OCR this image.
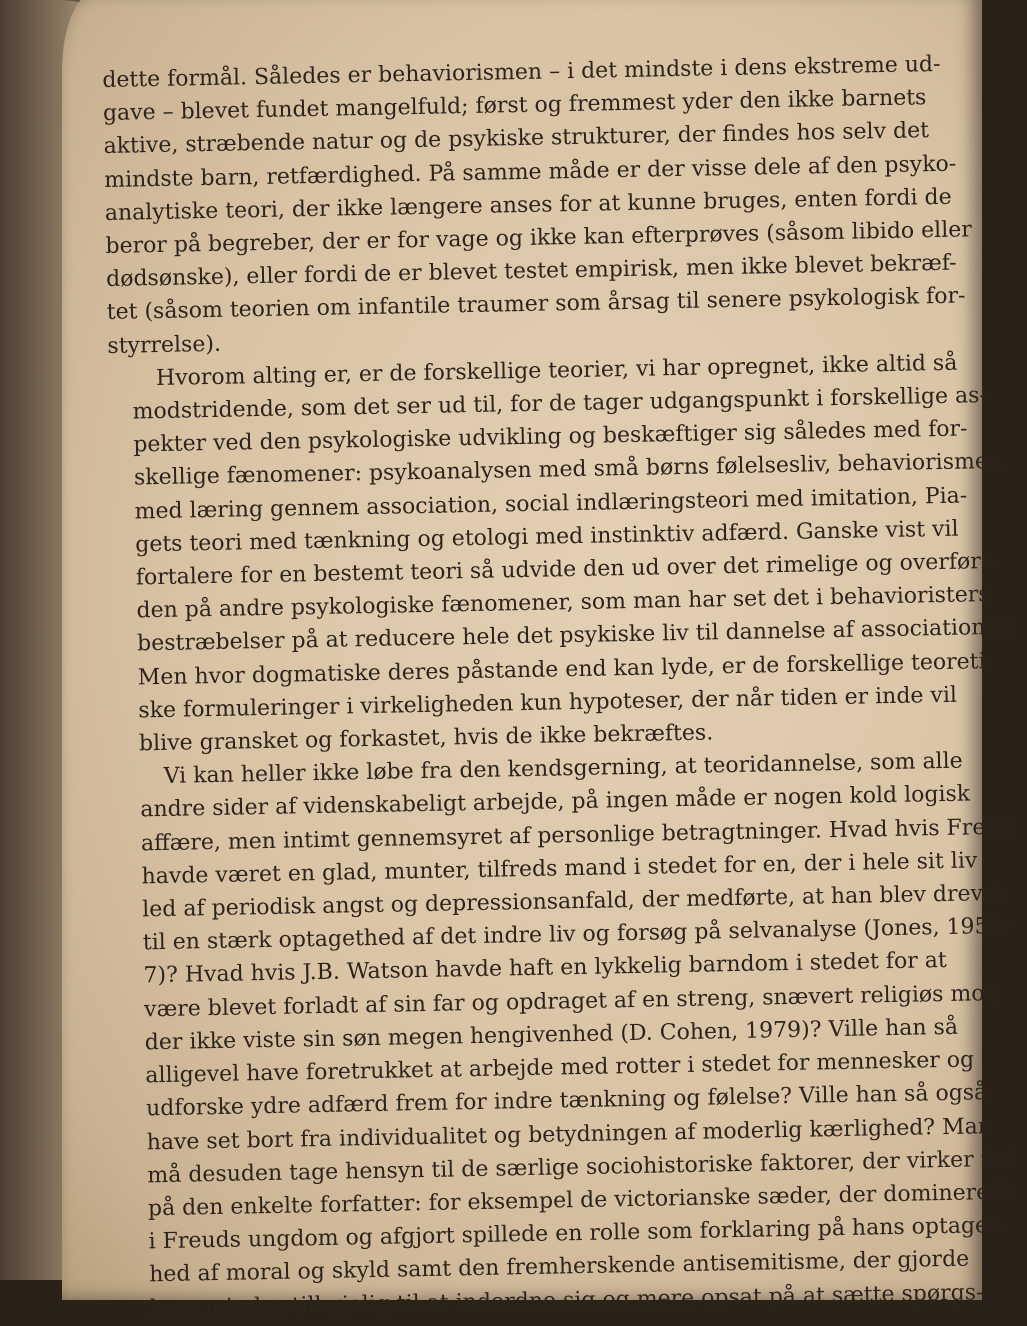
dette formål. Således er behaviorismen – i det mindste i dens ekstreme ud-
gave – blevet fundet mangelfuld; først og fremmest yder den ikke barnets
aktive, stræbende natur og de psykiske strukturer, der findes hos selv det
mindste barn, retfærdighed. På samme måde er der visse dele af den psyko-
analytiske teori, der ikke længere anses for at kunne bruges, enten fordi de
beror på begreber, der er for vage og ikke kan efterprøves (såsom libido eller
dødsønske), eller fordi de er blevet testet empirisk, men ikke blevet bekræf-
tet (såsom teorien om infantile traumer som årsag til senere psykologisk for-
styrrelse).
Hvorom alting er, er de forskellige teorier, vi har opregnet, ikke altid så
modstridende, som det ser ud til, for de tager udgangspunkt i forskellige as-
pekter ved den psykologiske udvikling og beskæftiger sig således med for-
skellige fænomener: psykoanalysen med små børns følelsesliv, behaviorismen
med læring gennem association, social indlæringsteori med imitation, Pia-
gets teori med tænkning og etologi med instinktiv adfærd. Ganske vist vil
fortalere for en bestemt teori så udvide den ud over det rimelige og overføre
den på andre psykologiske fænomener, som man har set det i behavioristers
bestræbelser på at reducere hele det psykiske liv til dannelse af associationer.
Men hvor dogmatiske deres påstande end kan lyde, er de forskellige teoreti-
ske formuleringer i virkeligheden kun hypoteser, der når tiden er inde vil
blive gransket og forkastet, hvis de ikke bekræftes.
Vi kan heller ikke løbe fra den kendsgerning, at teoridannelse, som alle
andre sider af videnskabeligt arbejde, på ingen måde er nogen kold logisk
affære, men intimt gennemsyret af personlige betragtninger. Hvad hvis Freud
havde været en glad, munter, tilfreds mand i stedet for en, der i hele sit liv
led af periodisk angst og depressionsanfald, der medførte, at han blev drevet
til en stærk optagethed af det indre liv og forsøg på selvanalyse (Jones, 1953–
7)? Hvad hvis J.B. Watson havde haft en lykkelig barndom i stedet for at
være blevet forladt af sin far og opdraget af en streng, snævert religiøs mor,
der ikke viste sin søn megen hengivenhed (D. Cohen, 1979)? Ville han så
alligevel have foretrukket at arbejde med rotter i stedet for mennesker og
udforske ydre adfærd frem for indre tænkning og følelse? Ville han så også
have set bort fra individualitet og betydningen af moderlig kærlighed? Man
må desuden tage hensyn til de særlige sociohistoriske faktorer, der virker ind
på den enkelte forfatter: for eksempel de victorianske sæder, der dominerede
i Freuds ungdom og afgjort spillede en rolle som forklaring på hans optaget-
hed af moral og skyld samt den fremherskende antisemitisme, der gjorde
ham mindre tilbøjelig til at indordne sig og mere opsat på at sætte spørgs-
